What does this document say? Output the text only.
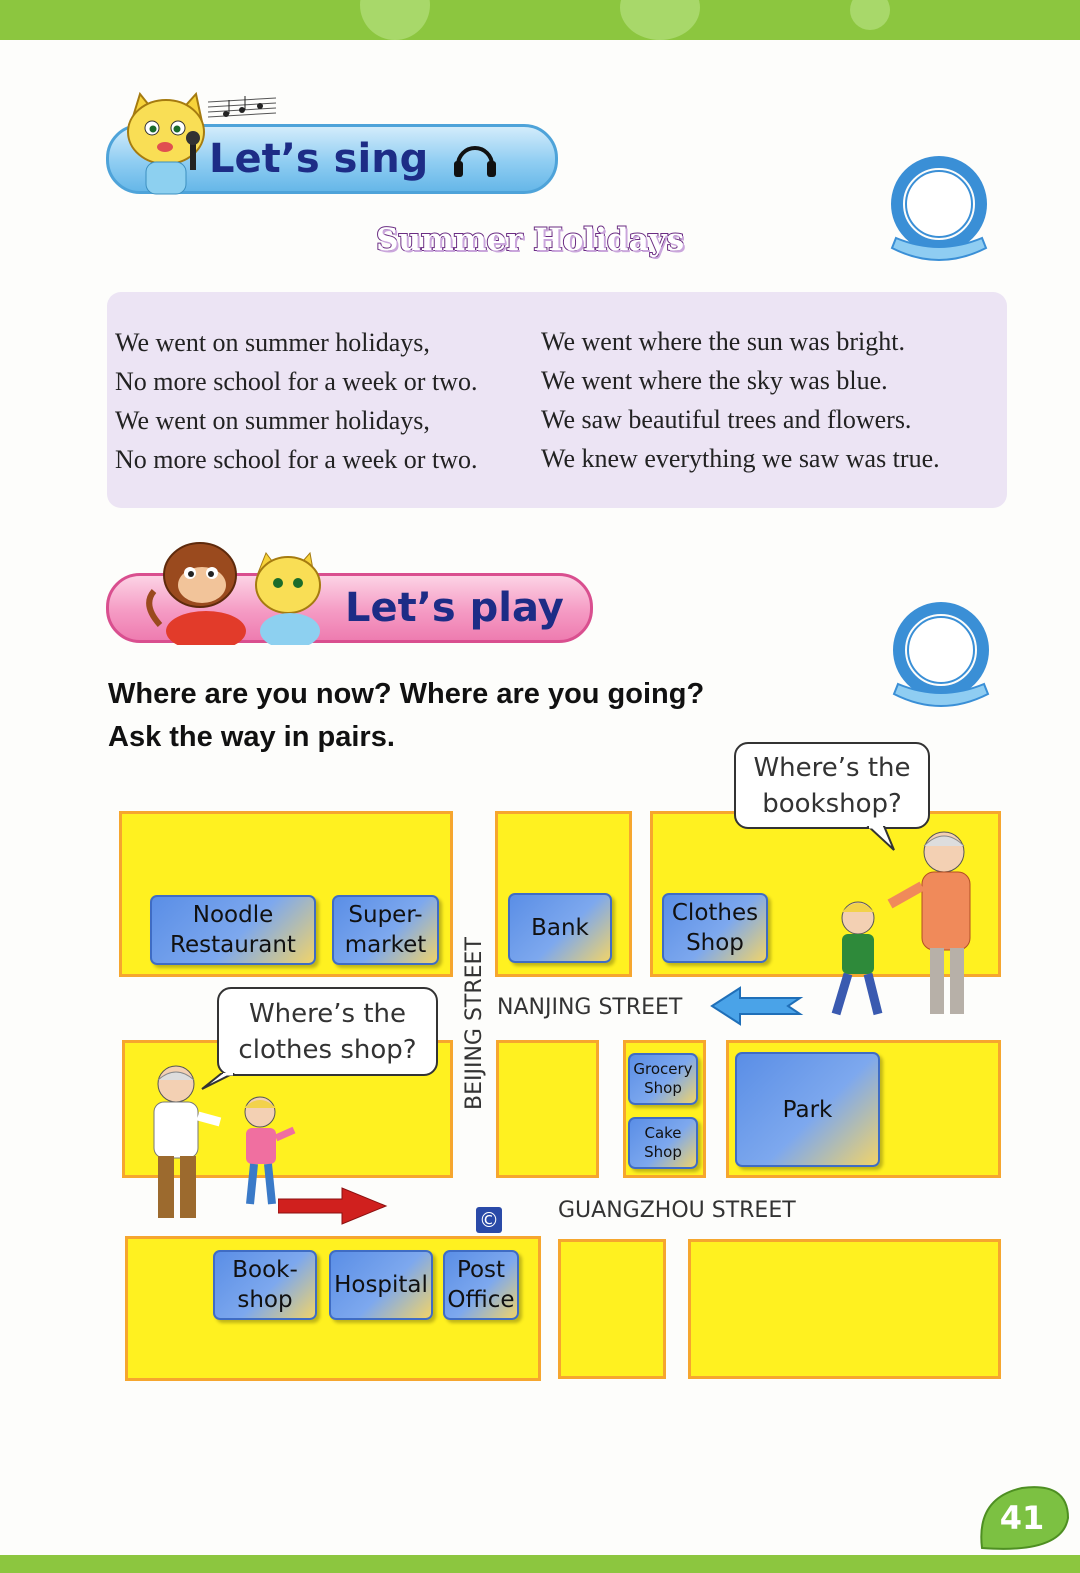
Let’s sing
Summer Holidays
We went on summer holidays,
No more school for a week or two.
We went on summer holidays,
No more school for a week or two.
We went where the sun was bright.
We went where the sky was blue.
We saw beautiful trees and flowers.
We knew everything we saw was true.
Let’s play
Where are you now? Where are you going?
Ask the way in pairs.
Noodle Restaurant
Super-market
Bank
Clothes Shop
Grocery Shop
Cake Shop
Park
Book-shop
Hospital
Post Office
BEIJING STREET NANJING STREET
GUANGZHOU STREET
©
Where’s the
bookshop?
Where’s the
clothes shop?
41
